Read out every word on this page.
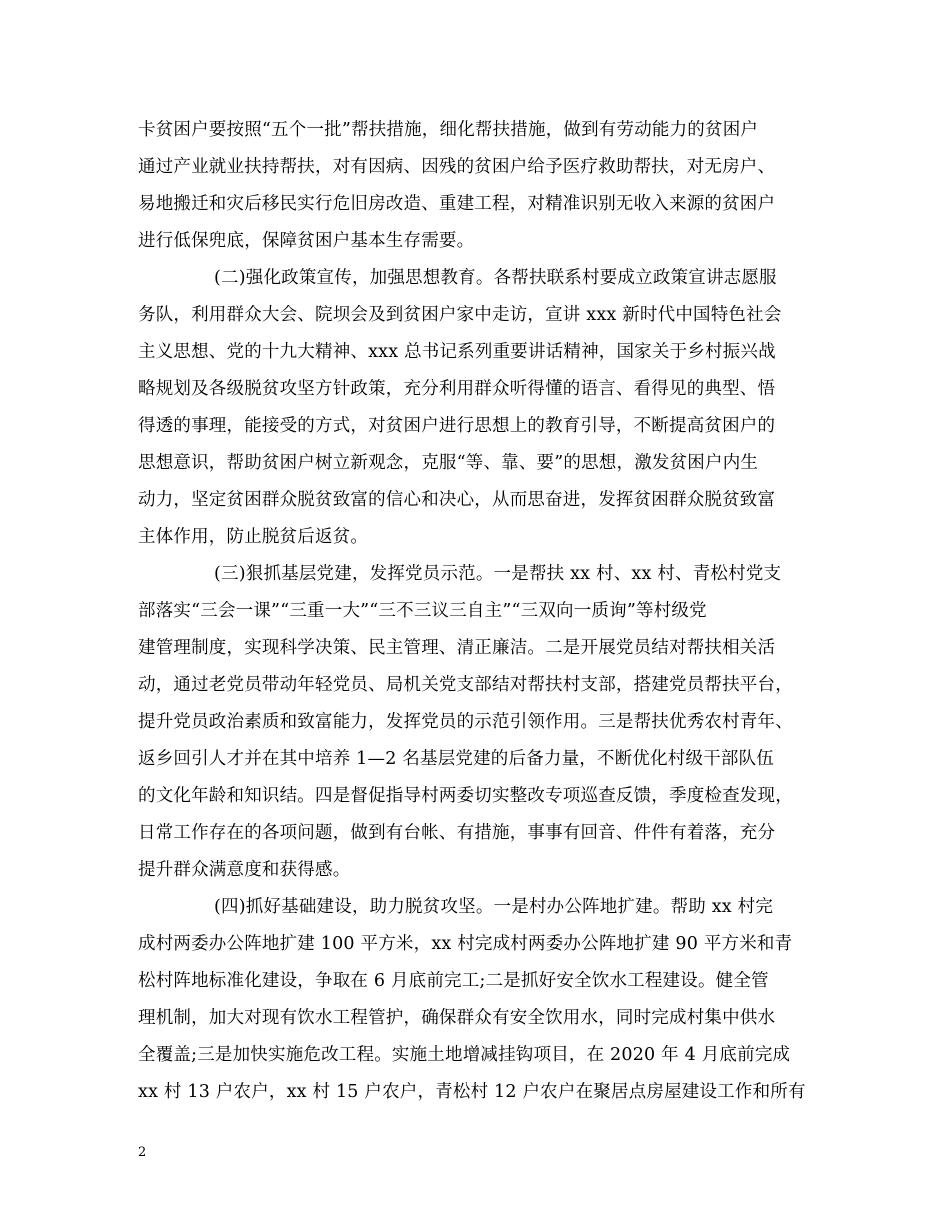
卡贫困户要按照“五个一批”帮扶措施，细化帮扶措施，做到有劳动能力的贫困户
通过产业就业扶持帮扶，对有因病、因残的贫困户给予医疗救助帮扶，对无房户、
易地搬迁和灾后移民实行危旧房改造、重建工程，对精准识别无收入来源的贫困户
进行低保兜底，保障贫困户基本生存需要。
(二)强化政策宣传，加强思想教育。各帮扶联系村要成立政策宣讲志愿服
务队，利用群众大会、院坝会及到贫困户家中走访，宣讲 xxx 新时代中国特色社会
主义思想、党的十九大精神、xxx 总书记系列重要讲话精神，国家关于乡村振兴战
略规划及各级脱贫攻坚方针政策，充分利用群众听得懂的语言、看得见的典型、悟
得透的事理，能接受的方式，对贫困户进行思想上的教育引导，不断提高贫困户的
思想意识，帮助贫困户树立新观念，克服“等、靠、要”的思想，激发贫困户内生
动力，坚定贫困群众脱贫致富的信心和决心，从而思奋进，发挥贫困群众脱贫致富
主体作用，防止脱贫后返贫。
(三)狠抓基层党建，发挥党员示范。一是帮扶 xx 村、xx 村、青松村党支
部落实“三会一课”“三重一大”“三不三议三自主”“三双向一质询”等村级党
建管理制度，实现科学决策、民主管理、清正廉洁。二是开展党员结对帮扶相关活
动，通过老党员带动年轻党员、局机关党支部结对帮扶村支部，搭建党员帮扶平台，
提升党员政治素质和致富能力，发挥党员的示范引领作用。三是帮扶优秀农村青年、
返乡回引人才并在其中培养 1—2 名基层党建的后备力量，不断优化村级干部队伍
的文化年龄和知识结。四是督促指导村两委切实整改专项巡查反馈，季度检查发现，
日常工作存在的各项问题，做到有台帐、有措施，事事有回音、件件有着落，充分
提升群众满意度和获得感。
(四)抓好基础建设，助力脱贫攻坚。一是村办公阵地扩建。帮助 xx 村完
成村两委办公阵地扩建 100 平方米，xx 村完成村两委办公阵地扩建 90 平方米和青
松村阵地标准化建设，争取在 6 月底前完工;二是抓好安全饮水工程建设。健全管
理机制，加大对现有饮水工程管护，确保群众有安全饮用水，同时完成村集中供水
全覆盖;三是加快实施危改工程。实施土地增减挂钩项目，在 2020 年 4 月底前完成
xx 村 13 户农户，xx 村 15 户农户，青松村 12 户农户在聚居点房屋建设工作和所有
2
